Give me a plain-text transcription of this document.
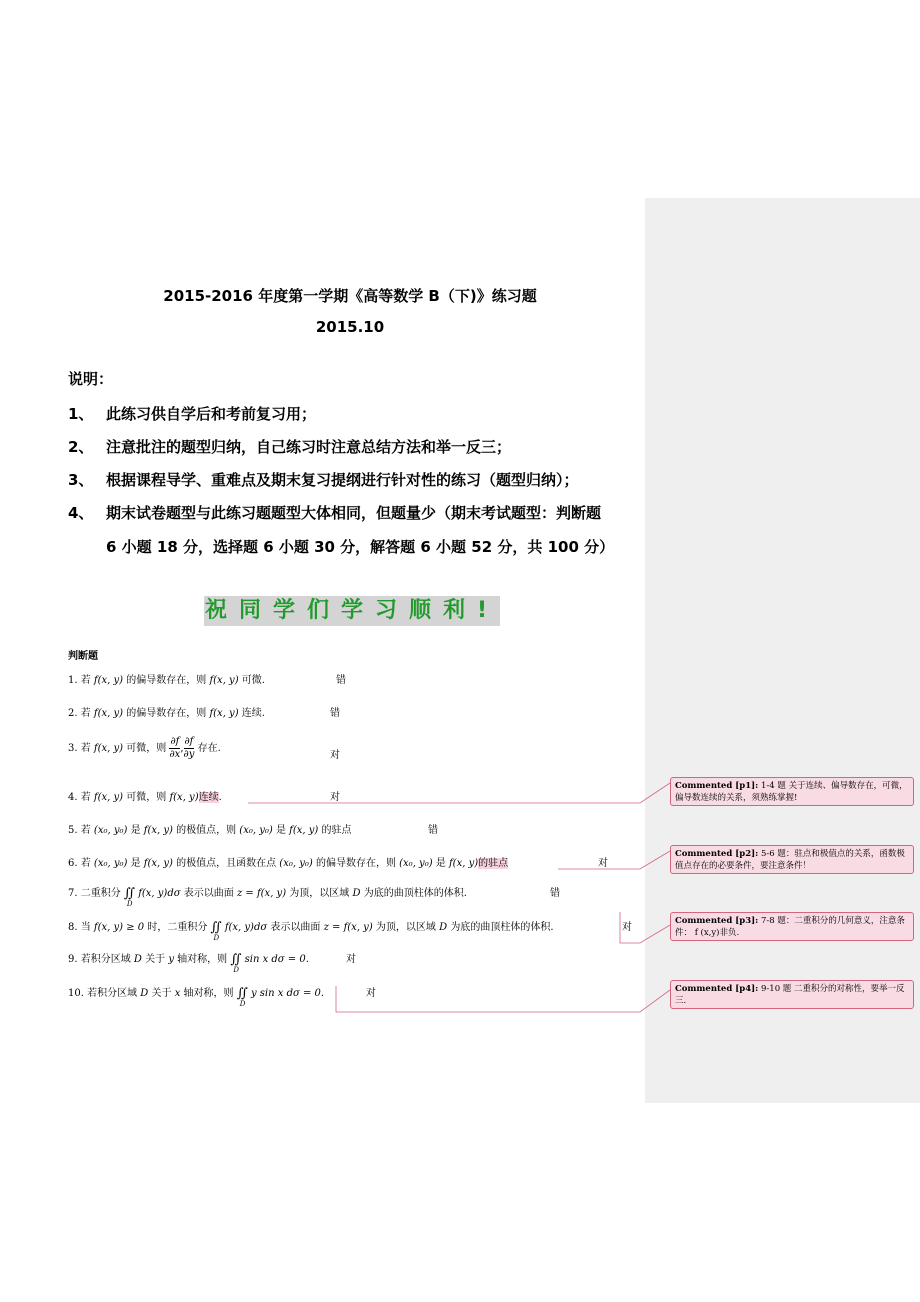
2015-2016 年度第一学期《高等数学 B（下)》练习题
2015.10
说明：
1、 此练习供自学后和考前复习用；
2、 注意批注的题型归纳，自己练习时注意总结方法和举一反三；
3、 根据课程导学、重难点及期末复习提纲进行针对性的练习（题型归纳）；
4、 期末试卷题型与此练习题题型大体相同，但题量少（期末考试题型：判断题
6 小题 18 分，选择题 6 小题 30 分，解答题 6 小题 52 分，共 100 分）
祝同学们学习顺利!
判断题
1. 若 f(x, y) 的偏导数存在，则 f(x, y) 可微.	错
2. 若 f(x, y) 的偏导数存在，则 f(x, y) 连续.	错
3. 若 f(x, y) 可微，则 $\frac{\partial f}{\partial x}$ , $\frac{\partial f}{\partial y}$ 存在.
对
4. 若 f(x, y) 可微，则 f(x, y)连续.	对
5. 若 (x₀, y₀) 是 f(x, y) 的极值点，则 (x₀, y₀) 是 f(x, y) 的驻点	错
6. 若 (x₀, y₀) 是 f(x, y) 的极值点，且函数在点 (x₀, y₀) 的偏导数存在，则 (x₀, y₀) 是 f(x, y)的驻点	对
7. 二重积分 ∬
D
f(x, y)dσ 表示以曲面 z = f(x, y) 为顶，以区域 D 为底的曲顶柱体的体积.	错
8. 当 f(x, y) ≥ 0 时，二重积分 ∬
D
f(x, y)dσ 表示以曲面 z = f(x, y) 为顶，以区域 D 为底的曲顶柱体的体积.	对
9. 若积分区域 D 关于 y 轴对称，则 ∬
D
sin x dσ = 0.	对
10. 若积分区域 D 关于 x 轴对称，则 ∬
D
y sin x dσ = 0.	对
Commented [p1]: 1-4 题 关于连续、偏导数存在，可微，偏导数连续的关系，须熟练掌握!
Commented [p2]: 5-6 题：驻点和极值点的关系，函数极值点存在的必要条件，要注意条件！
Commented [p3]: 7-8 题：二重积分的几何意义，注意条件： f (x,y)非负.
Commented [p4]: 9-10 题 二重积分的对称性，要举一反三.
